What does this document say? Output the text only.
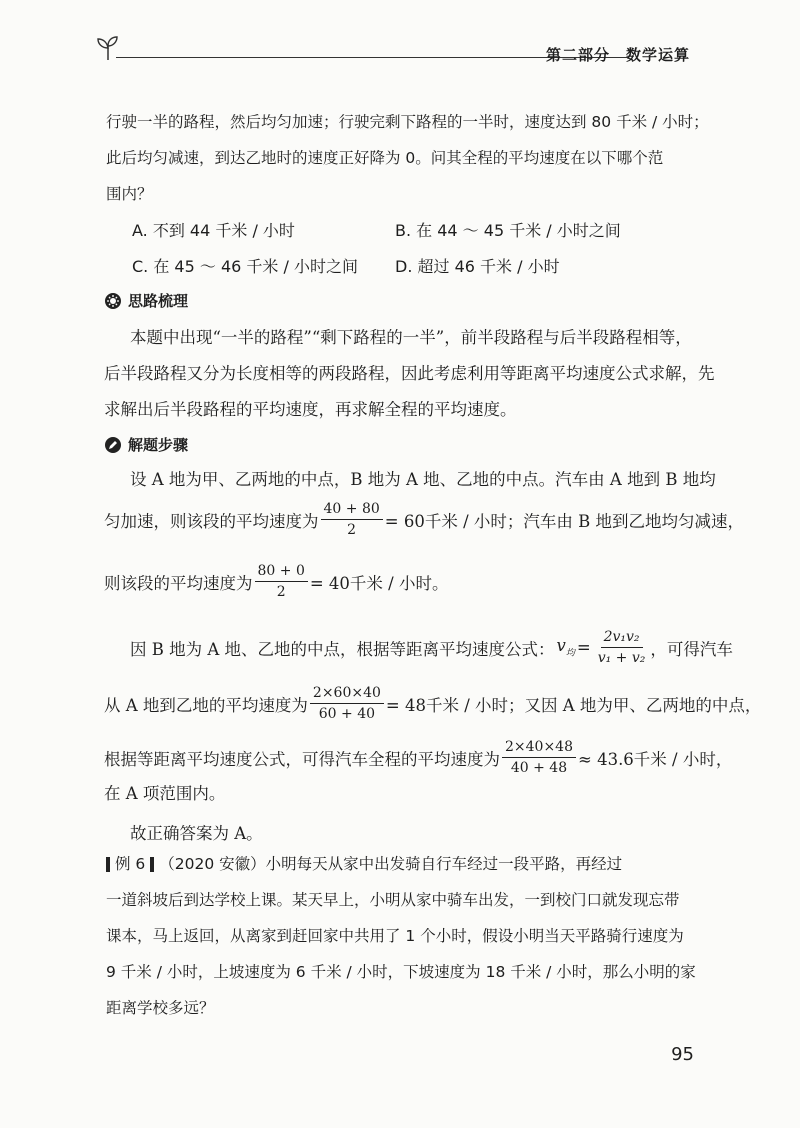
第二部分　数学运算
行驶一半的路程，然后均匀加速；行驶完剩下路程的一半时，速度达到 80 千米 / 小时；
此后均匀减速，到达乙地时的速度正好降为 0。问其全程的平均速度在以下哪个范
围内？
A. 不到 44 千米 / 小时	B. 在 44 ～ 45 千米 / 小时之间
C. 在 45 ～ 46 千米 / 小时之间 D. 超过 46 千米 / 小时
思路梳理
本题中出现“一半的路程”“剩下路程的一半”，前半段路程与后半段路程相等，
后半段路程又分为长度相等的两段路程，因此考虑利用等距离平均速度公式求解，先
求解出后半段路程的平均速度，再求解全程的平均速度。
解题步骤
设 A 地为甲、乙两地的中点，B 地为 A 地、乙地的中点。汽车由 A 地到 B 地均
匀加速，则该段的平均速度为 $\frac{40 + 80}{2} = 60$千米 / 小时；汽车由 B 地到乙地均匀减速，
则该段的平均速度为 $\frac{80 + 0}{2} = 40$千米 / 小时。
因 B 地为 A 地、乙地的中点，根据等距离平均速度公式： $v_均 = \frac{\text{2v₁v₂}}{\text{v₁ + v₂}}$ ，可得汽车
从 A 地到乙地的平均速度为 $\frac{2\times 60\times 40}{60 + 40} = 48$千米 / 小时；又因 A 地为甲、乙两地的中点，
根据等距离平均速度公式，可得汽车全程的平均速度为 $\frac{2\times 40\times 48}{40 + 48} \approx 43.6$千米 / 小时，
在 A 项范围内。
故正确答案为 A。
例 6 （2020 安徽）小明每天从家中出发骑自行车经过一段平路，再经过
一道斜坡后到达学校上课。某天早上，小明从家中骑车出发，一到校门口就发现忘带
课本，马上返回，从离家到赶回家中共用了 1 个小时，假设小明当天平路骑行速度为
9 千米 / 小时，上坡速度为 6 千米 / 小时，下坡速度为 18 千米 / 小时，那么小明的家
距离学校多远？
95
